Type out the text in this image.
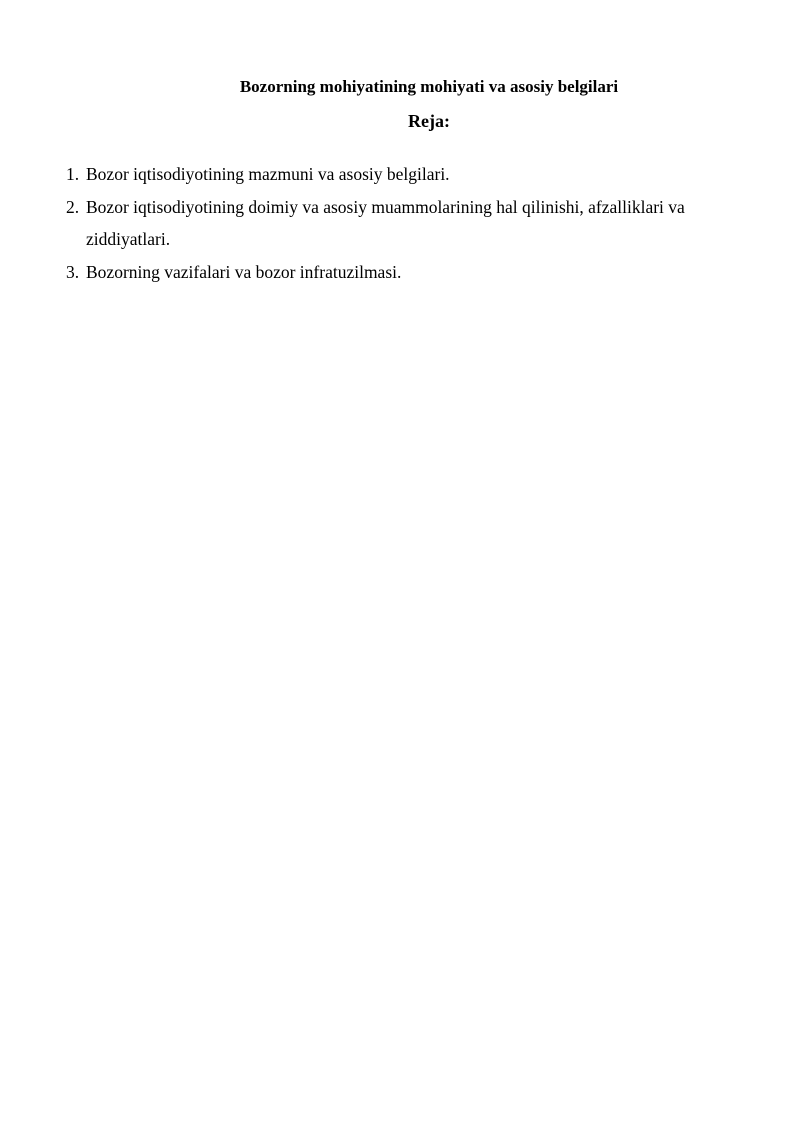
Bozorning mohiyatining mohiyati va asosiy belgilari
Reja:
1. Bozor iqtisodiyotining mazmuni va asosiy belgilari.
2. Bozor iqtisodiyotining doimiy va asosiy muammolarining hal qilinishi, afzalliklari va ziddiyatlari.
3. Bozorning vazifalari va bozor infratuzilmasi.
